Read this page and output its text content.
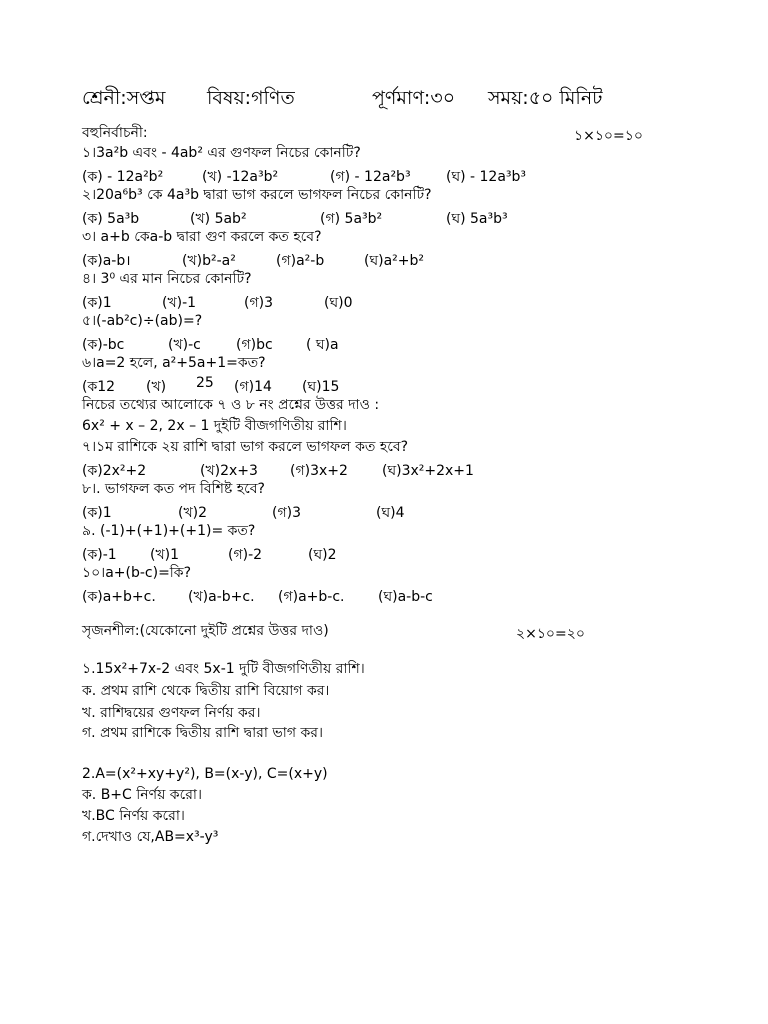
শ্রেনী:সপ্তম বিষয়:গণিত	পূর্ণমাণ:৩০ সময়:৫০ মিনিট
বহুনির্বাচনী:	১×১০=১০
১।3a²b এবং - 4ab² এর গুণফল নিচের কোনটি?
(ক) - 12a²b²	(খ) -12a³b²	(গ) - 12a²b³	(ঘ) - 12a³b³
২।20a⁶b³ কে 4a³b দ্বারা ভাগ করলে ভাগফল নিচের কোনটি?
(ক) 5a³b	(খ) 5ab²	(গ) 5a³b²	(ঘ) 5a³b³
৩। a+b কেa-b দ্বারা গুণ করলে কত হবে?
(ক)a-b।	(খ)b²-a²	(গ)a²-b	(ঘ)a²+b²
৪। 3⁰ এর মান নিচের কোনটি?
(ক)1	(খ)-1	(গ)3	(ঘ)0
৫।(-ab²c)÷(ab)=?
(ক)-bc	(খ)-c	(গ)bc ( ঘ)a
৬।a=2 হলে, a²+5a+1=কত?
(ক12 (খ) 25 (গ)14 (ঘ)15
নিচের তথ্যের আলোকে ৭ ও ৮ নং প্রশ্নের উত্তর দাও :
6x² + x – 2, 2x – 1 দুইটি বীজগণিতীয় রাশি।
৭।১ম রাশিকে ২য় রাশি দ্বারা ভাগ করলে ভাগফল কত হবে?
(ক)2x²+2	(খ)2x+3 (গ)3x+2 (ঘ)3x²+2x+1
৮।. ভাগফল কত পদ বিশিষ্ট হবে?
(ক)1	(খ)2	(গ)3	(ঘ)4
৯. (-1)+(+1)+(+1)= কত?
(ক)-1 (খ)1	(গ)-2	(ঘ)2
১০।a+(b-c)=কি?
(ক)a+b+c. (খ)a-b+c. (গ)a+b-c. (ঘ)a-b-c
সৃজনশীল:(যেকোনো দুইটি প্রশ্নের উত্তর দাও)	২×১০=২০
১.15x²+7x-2 এবং 5x-1 দুটি বীজগণিতীয় রাশি।
ক. প্রথম রাশি থেকে দ্বিতীয় রাশি বিয়োগ কর।
খ. রাশিদ্বয়ের গুণফল নির্ণয় কর।
গ. প্রথম রাশিকে দ্বিতীয় রাশি দ্বারা ভাগ কর।
2.A=(x²+xy+y²), B=(x-y), C=(x+y)
ক. B+C নির্ণয় করো।
খ.BC নির্ণয় করো।
গ.দেখাও যে,AB=x³-y³
